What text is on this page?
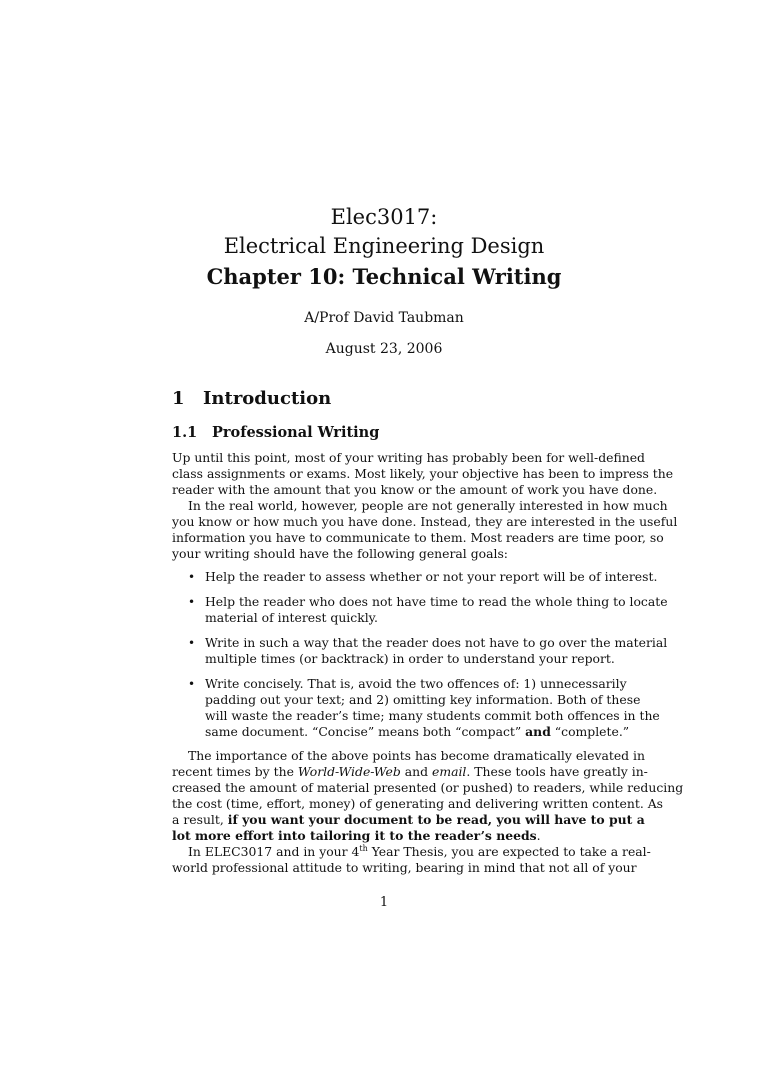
Elec3017:
Electrical Engineering Design
Chapter 10: Technical Writing
A/Prof David Taubman
August 23, 2006
1 Introduction
1.1 Professional Writing
Up until this point, most of your writing has probably been for well-defined
class assignments or exams. Most likely, your objective has been to impress the
reader with the amount that you know or the amount of work you have done.
In the real world, however, people are not generally interested in how much
you know or how much you have done. Instead, they are interested in the useful
information you have to communicate to them. Most readers are time poor, so
your writing should have the following general goals:
• Help the reader to assess whether or not your report will be of interest.
• Help the reader who does not have time to read the whole thing to locate
material of interest quickly.
• Write in such a way that the reader does not have to go over the material
multiple times (or backtrack) in order to understand your report.
• Write concisely. That is, avoid the two offences of: 1) unnecessarily
padding out your text; and 2) omitting key information. Both of these
will waste the reader’s time; many students commit both offences in the
same document. “Concise” means both “compact” and “complete.”
The importance of the above points has become dramatically elevated in
recent times by the World-Wide-Web and email. These tools have greatly in-
creased the amount of material presented (or pushed) to readers, while reducing
the cost (time, effort, money) of generating and delivering written content. As
a result, if you want your document to be read, you will have to put a
lot more effort into tailoring it to the reader’s needs.
In ELEC3017 and in your 4th Year Thesis, you are expected to take a real-
world professional attitude to writing, bearing in mind that not all of your
1
